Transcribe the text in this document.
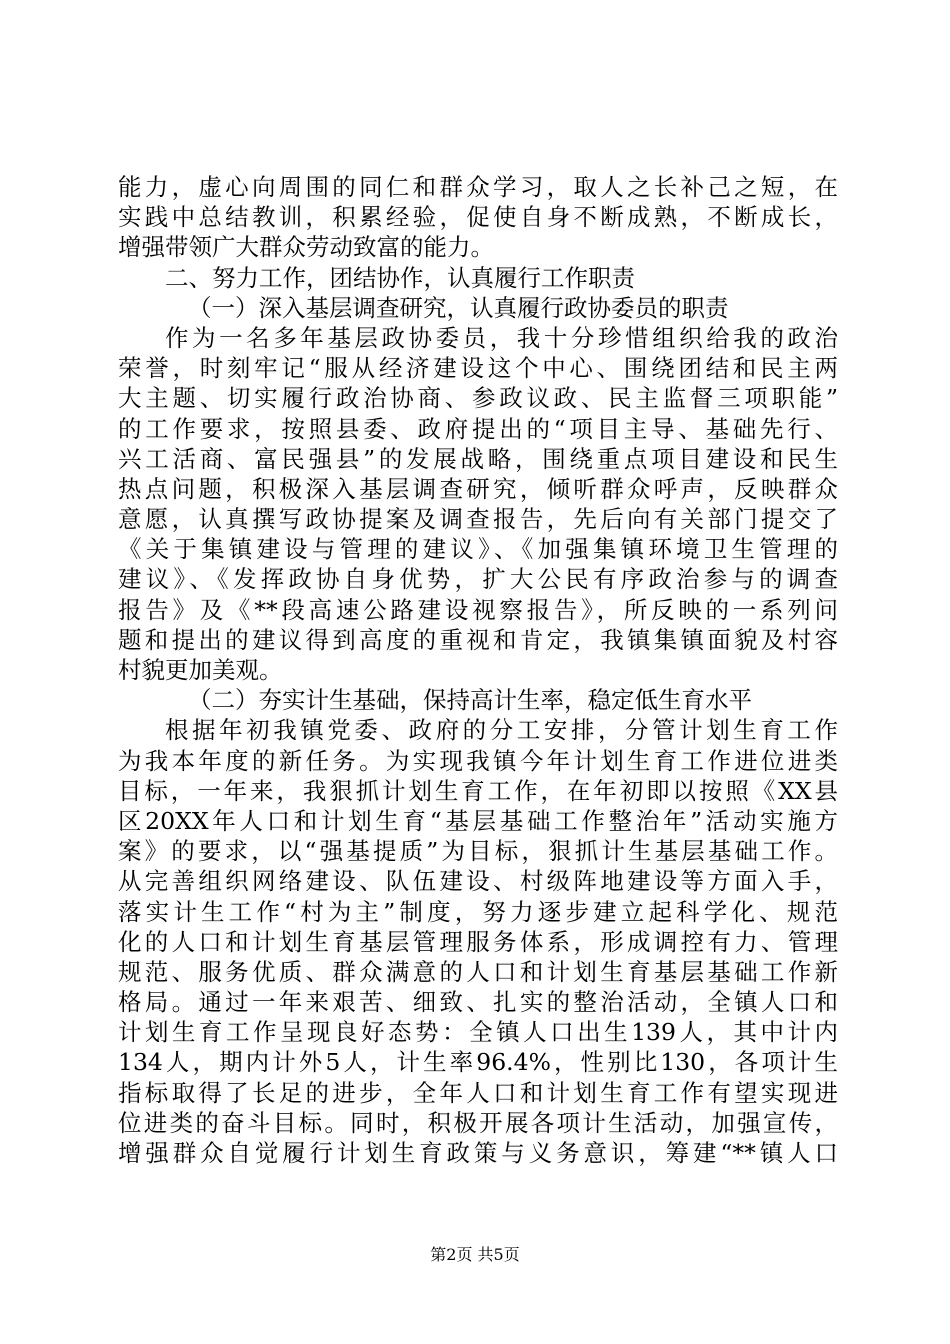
能力，虚心向周围的同仁和群众学习，取人之长补己之短，在
实践中总结教训，积累经验，促使自身不断成熟，不断成长，
增强带领广大群众劳动致富的能力。
二、努力工作，团结协作，认真履行工作职责
（一）深入基层调查研究，认真履行政协委员的职责
作为一名多年基层政协委员，我十分珍惜组织给我的政治
荣誉，时刻牢记“服从经济建设这个中心、围绕团结和民主两
大主题、切实履行政治协商、参政议政、民主监督三项职能”
的工作要求，按照县委、政府提出的“项目主导、基础先行、
兴工活商、富民强县”的发展战略，围绕重点项目建设和民生
热点问题，积极深入基层调查研究，倾听群众呼声，反映群众
意愿，认真撰写政协提案及调查报告，先后向有关部门提交了
《关于集镇建设与管理的建议》、《加强集镇环境卫生管理的
建议》、《发挥政协自身优势，扩大公民有序政治参与的调查
报告》及《**段高速公路建设视察报告》，所反映的一系列问
题和提出的建议得到高度的重视和肯定，我镇集镇面貌及村容
村貌更加美观。
（二）夯实计生基础，保持高计生率，稳定低生育水平
根据年初我镇党委、政府的分工安排，分管计划生育工作
为我本年度的新任务。为实现我镇今年计划生育工作进位进类
目标，一年来，我狠抓计划生育工作，在年初即以按照《XX县
区20XX年人口和计划生育“基层基础工作整治年”活动实施方
案》的要求，以“强基提质”为目标，狠抓计生基层基础工作。
从完善组织网络建设、队伍建设、村级阵地建设等方面入手，
落实计生工作“村为主”制度，努力逐步建立起科学化、规范
化的人口和计划生育基层管理服务体系，形成调控有力、管理
规范、服务优质、群众满意的人口和计划生育基层基础工作新
格局。通过一年来艰苦、细致、扎实的整治活动，全镇人口和
计划生育工作呈现良好态势：全镇人口出生139人，其中计内
134人，期内计外5人，计生率96.4%，性别比130，各项计生
指标取得了长足的进步，全年人口和计划生育工作有望实现进
位进类的奋斗目标。同时，积极开展各项计生活动，加强宣传，
增强群众自觉履行计划生育政策与义务意识，筹建“**镇人口
第2页 共5页
